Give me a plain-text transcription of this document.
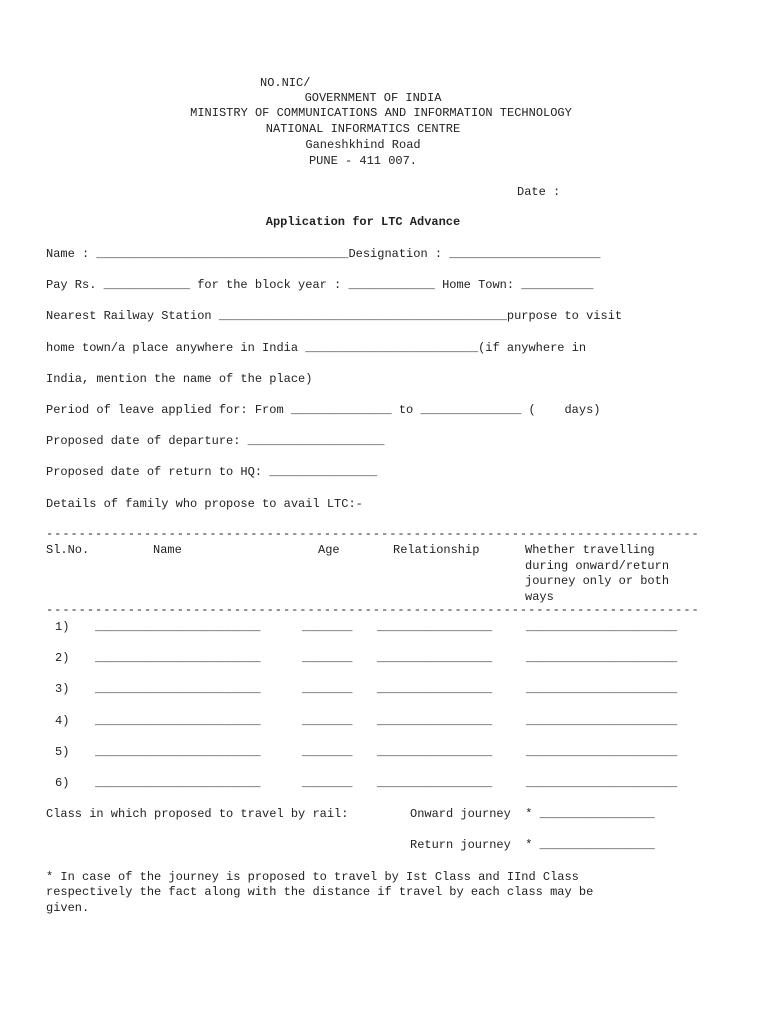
NO.NIC/
GOVERNMENT OF INDIA
MINISTRY OF COMMUNICATIONS AND INFORMATION TECHNOLOGY
NATIONAL INFORMATICS CENTRE
Ganeshkhind Road
PUNE - 411 007.
Date :
Application for LTC Advance
Name : ___________________________________Designation : _____________________
Pay Rs. ____________ for the block year : ____________ Home Town: __________
Nearest Railway Station ________________________________________purpose to visit
home town/a place anywhere in India ________________________(if anywhere in
India, mention the name of the place)
Period of leave applied for: From ______________ to ______________ (    days)
Proposed date of departure: ___________________
Proposed date of return to HQ: _______________
Details of family who propose to avail LTC:-
--------------------------------------------------------------------------------
Sl.No.	Name	Age	Relationship	Whether travelling
during onward/return
journey only or both
ways
--------------------------------------------------------------------------------
1) _______________________	_______ ________________	_____________________
2) _______________________	_______ ________________	_____________________
3) _______________________	_______ ________________	_____________________
4) _______________________	_______ ________________	_____________________
5) _______________________	_______ ________________	_____________________
6) _______________________	_______ ________________	_____________________
Class in which proposed to travel by rail:	Onward journey  * ________________
Return journey  * ________________
* In case of the journey is proposed to travel by Ist Class and IInd Class
respectively the fact along with the distance if travel by each class may be
given.
